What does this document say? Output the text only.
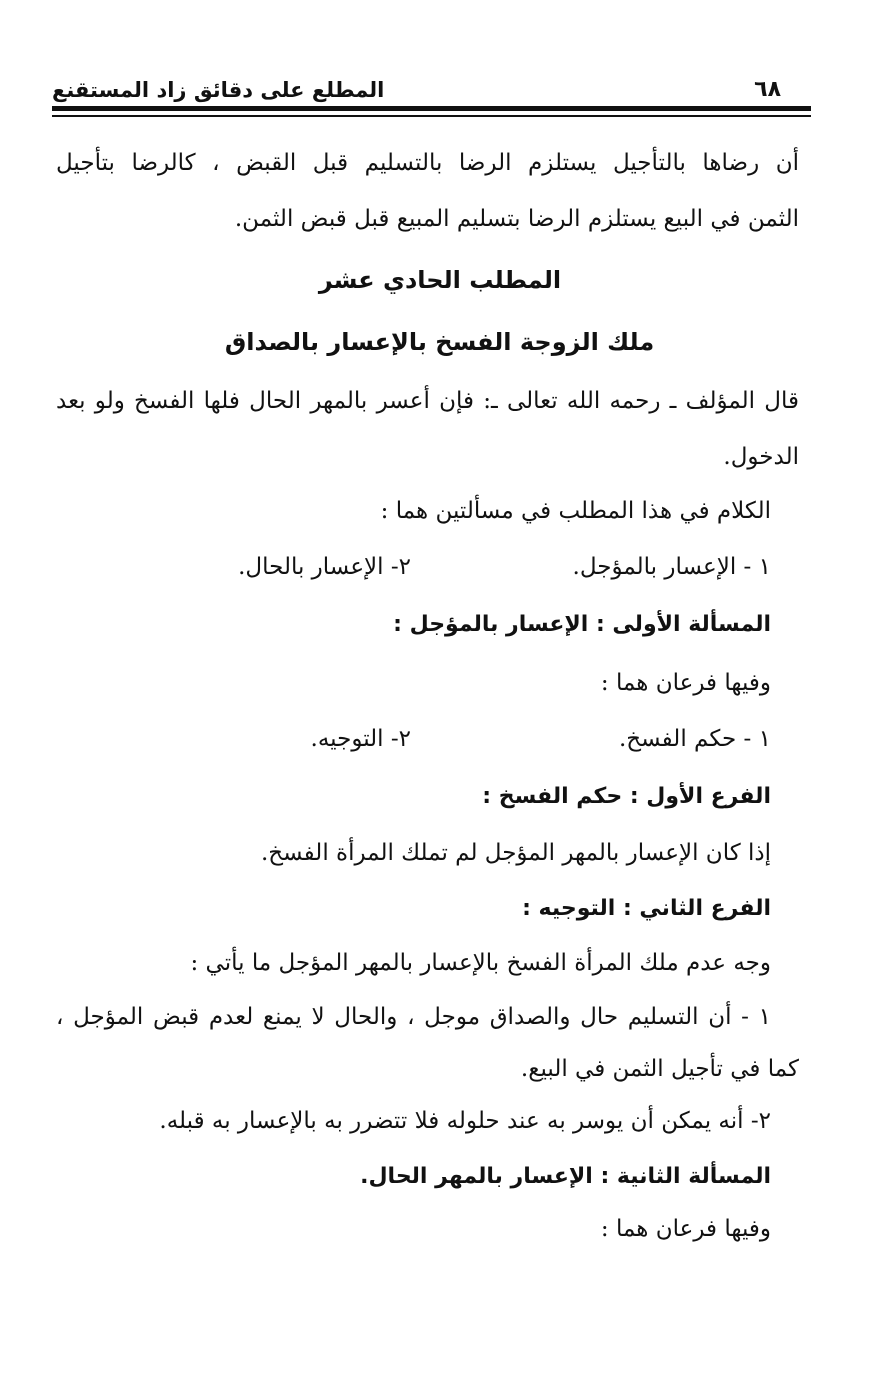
٦٨
المطلع على دقائق زاد المستقنع
أن رضاها بالتأجيل يستلزم الرضا بالتسليم قبل القبض ، كالرضا بتأجيل
الثمن في البيع يستلزم الرضا بتسليم المبيع قبل قبض الثمن.
المطلب الحادي عشر
ملك الزوجة الفسخ بالإعسار بالصداق
قال المؤلف ـ رحمه الله تعالى ـ: فإن أعسر بالمهر الحال فلها الفسخ ولو بعد
الدخول.
الكلام في هذا المطلب في مسألتين هما :
١ - الإعسار بالمؤجل.
٢- الإعسار بالحال.
المسألة الأولى : الإعسار بالمؤجل :
وفيها فرعان هما :
١ - حكم الفسخ.
٢- التوجيه.
الفرع الأول : حكم الفسخ :
إذا كان الإعسار بالمهر المؤجل لم تملك المرأة الفسخ.
الفرع الثاني : التوجيه :
وجه عدم ملك المرأة الفسخ بالإعسار بالمهر المؤجل ما يأتي :
١ - أن التسليم حال والصداق موجل ، والحال لا يمنع لعدم قبض المؤجل ،
كما في تأجيل الثمن في البيع.
٢- أنه يمكن أن يوسر به عند حلوله فلا تتضرر به بالإعسار به قبله.
المسألة الثانية : الإعسار بالمهر الحال.
وفيها فرعان هما :
